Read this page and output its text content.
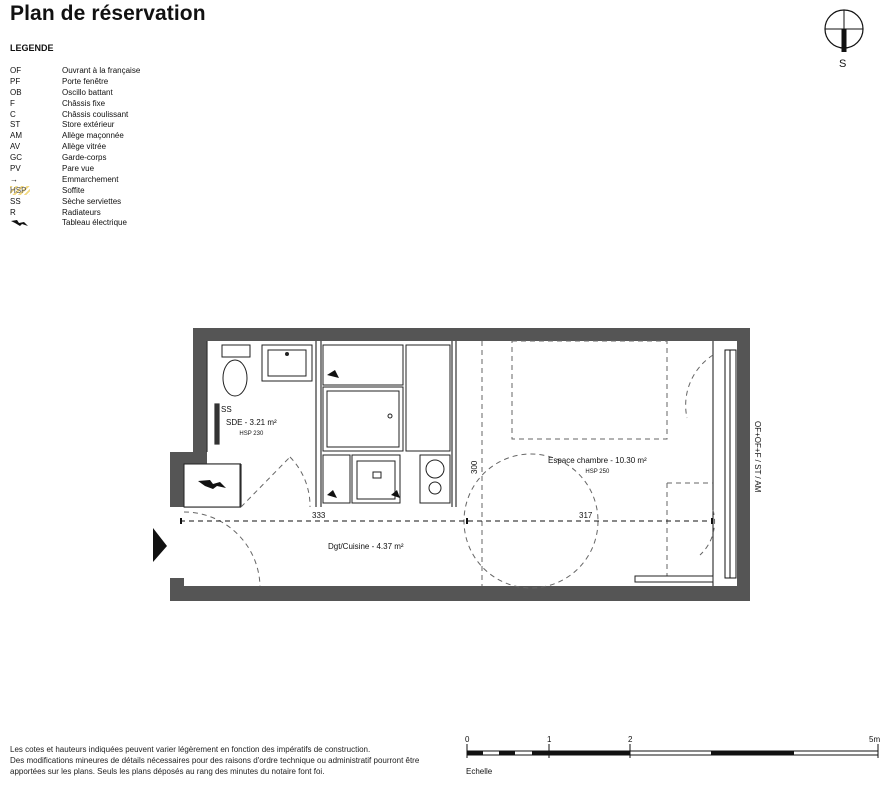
Plan de réservation
LEGENDE
OF	Ouvrant à la française
PF	Porte fenêtre
OB	Oscillo battant
F	Châssis fixe
C	Châssis coulissant
ST	Store extérieur
AM	Allège maçonnée
AV	Allège vitrée
GC	Garde-corps
PV	Pare vue
→	Emmarchement
HSP	Soffite
SS	Sèche serviettes
R	Radiateurs
Tableau électrique
S
SDE - 3.21 m²
HSP 230
Espace chambre - 10.30 m²
HSP 250
Dgt/Cuisine - 4.37 m²
333	317
300
SS
OF+OF+F / ST / AM
Les cotes et hauteurs indiquées peuvent varier légèrement en fonction des impératifs de construction.
Des modifications mineures de détails nécessaires pour des raisons d'ordre technique ou administratif pourront être
apportées sur les plans. Seuls les plans déposés au rang des minutes du notaire font foi.
0	1	2	5m
Echelle
